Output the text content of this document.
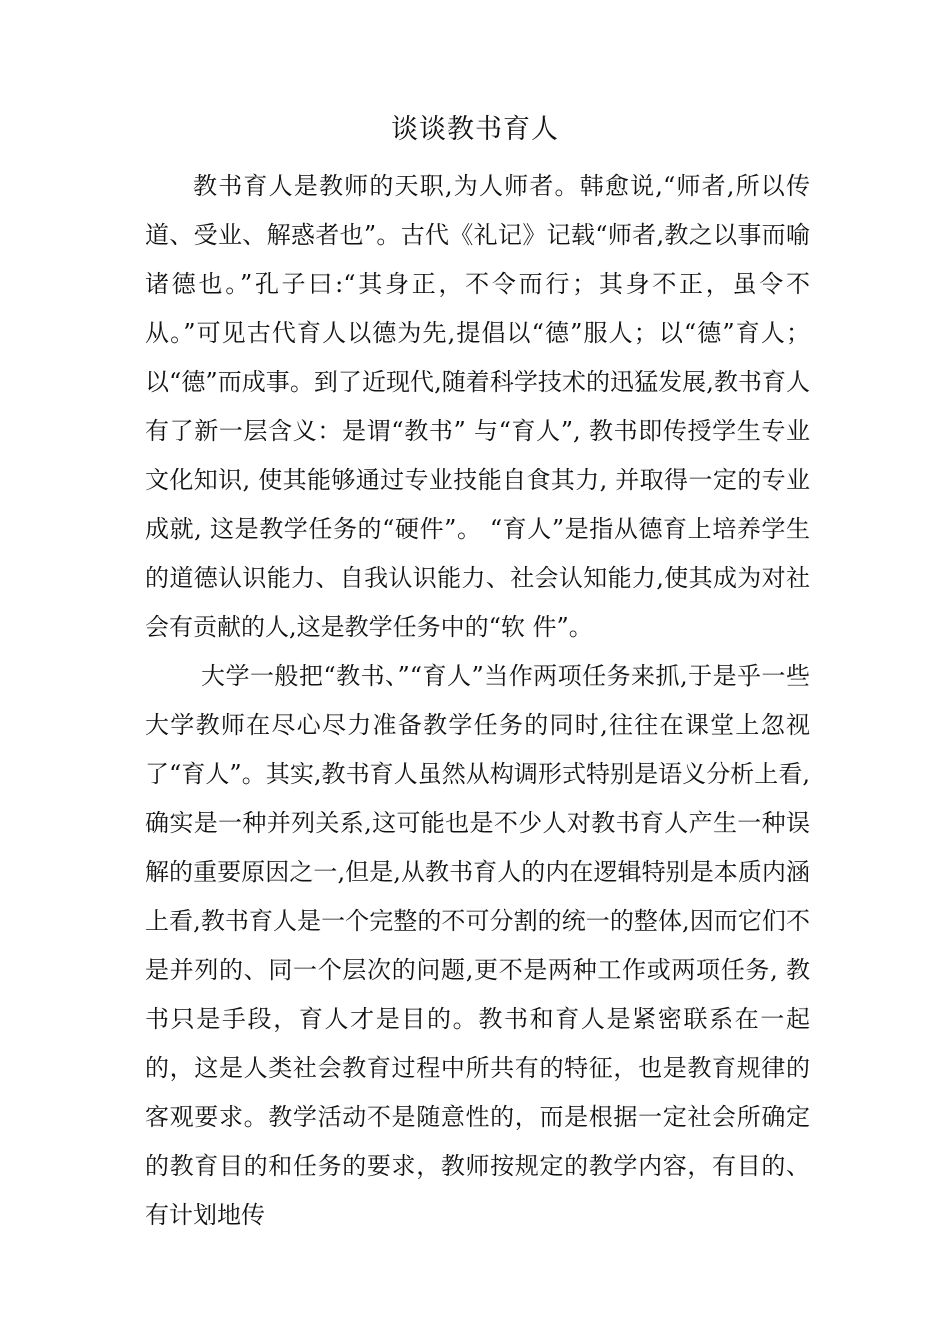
谈谈教书育人

教书育人是教师的天职,为人师者。韩愈说,“师者,所以传道、受业、解惑者也”。古代《礼记》记载“师者,教之以事而喻诸德也。”孔子曰:“其身正，不令而行；其身不正，虽令不 从。”可见古代育人以德为先,提倡以“德”服人；以“德”育人；以“德”而成事。到了近现代,随着科学技术的迅猛发展,教书育人有了新一层含义：是谓“教书” 与“育人”, 教书即传授学生专业文化知识, 使其能够通过专业技能自食其力, 并取得一定的专业成就, 这是教学任务的“硬件”。 “育人”是指从德育上培养学生的道德认识能力、自我认识能力、社会认知能力,使其成为对社会有贡献的人,这是教学任务中的“软 件”。

大学一般把“教书、”“育人”当作两项任务来抓,于是乎一些大学教师在尽心尽力准备教学任务的同时,往往在课堂上忽视了“育人”。其实,教书育人虽然从构调形式特别是语义分析上看,确实是一种并列关系,这可能也是不少人对教书育人产生一种误解的重要原因之一,但是,从教书育人的内在逻辑特别是本质内涵上看,教书育人是一个完整的不可分割的统一的整体,因而它们不是并列的、同一个层次的问题,更不是两种工作或两项任务, 教书只是手段，育人才是目的。教书和育人是紧密联系在一起的，这是人类社会教育过程中所共有的特征，也是教育规律的客观要求。教学活动不是随意性的，而是根据一定社会所确定的教育目的和任务的要求，教师按规定的教学内容，有目的、有计划地传
